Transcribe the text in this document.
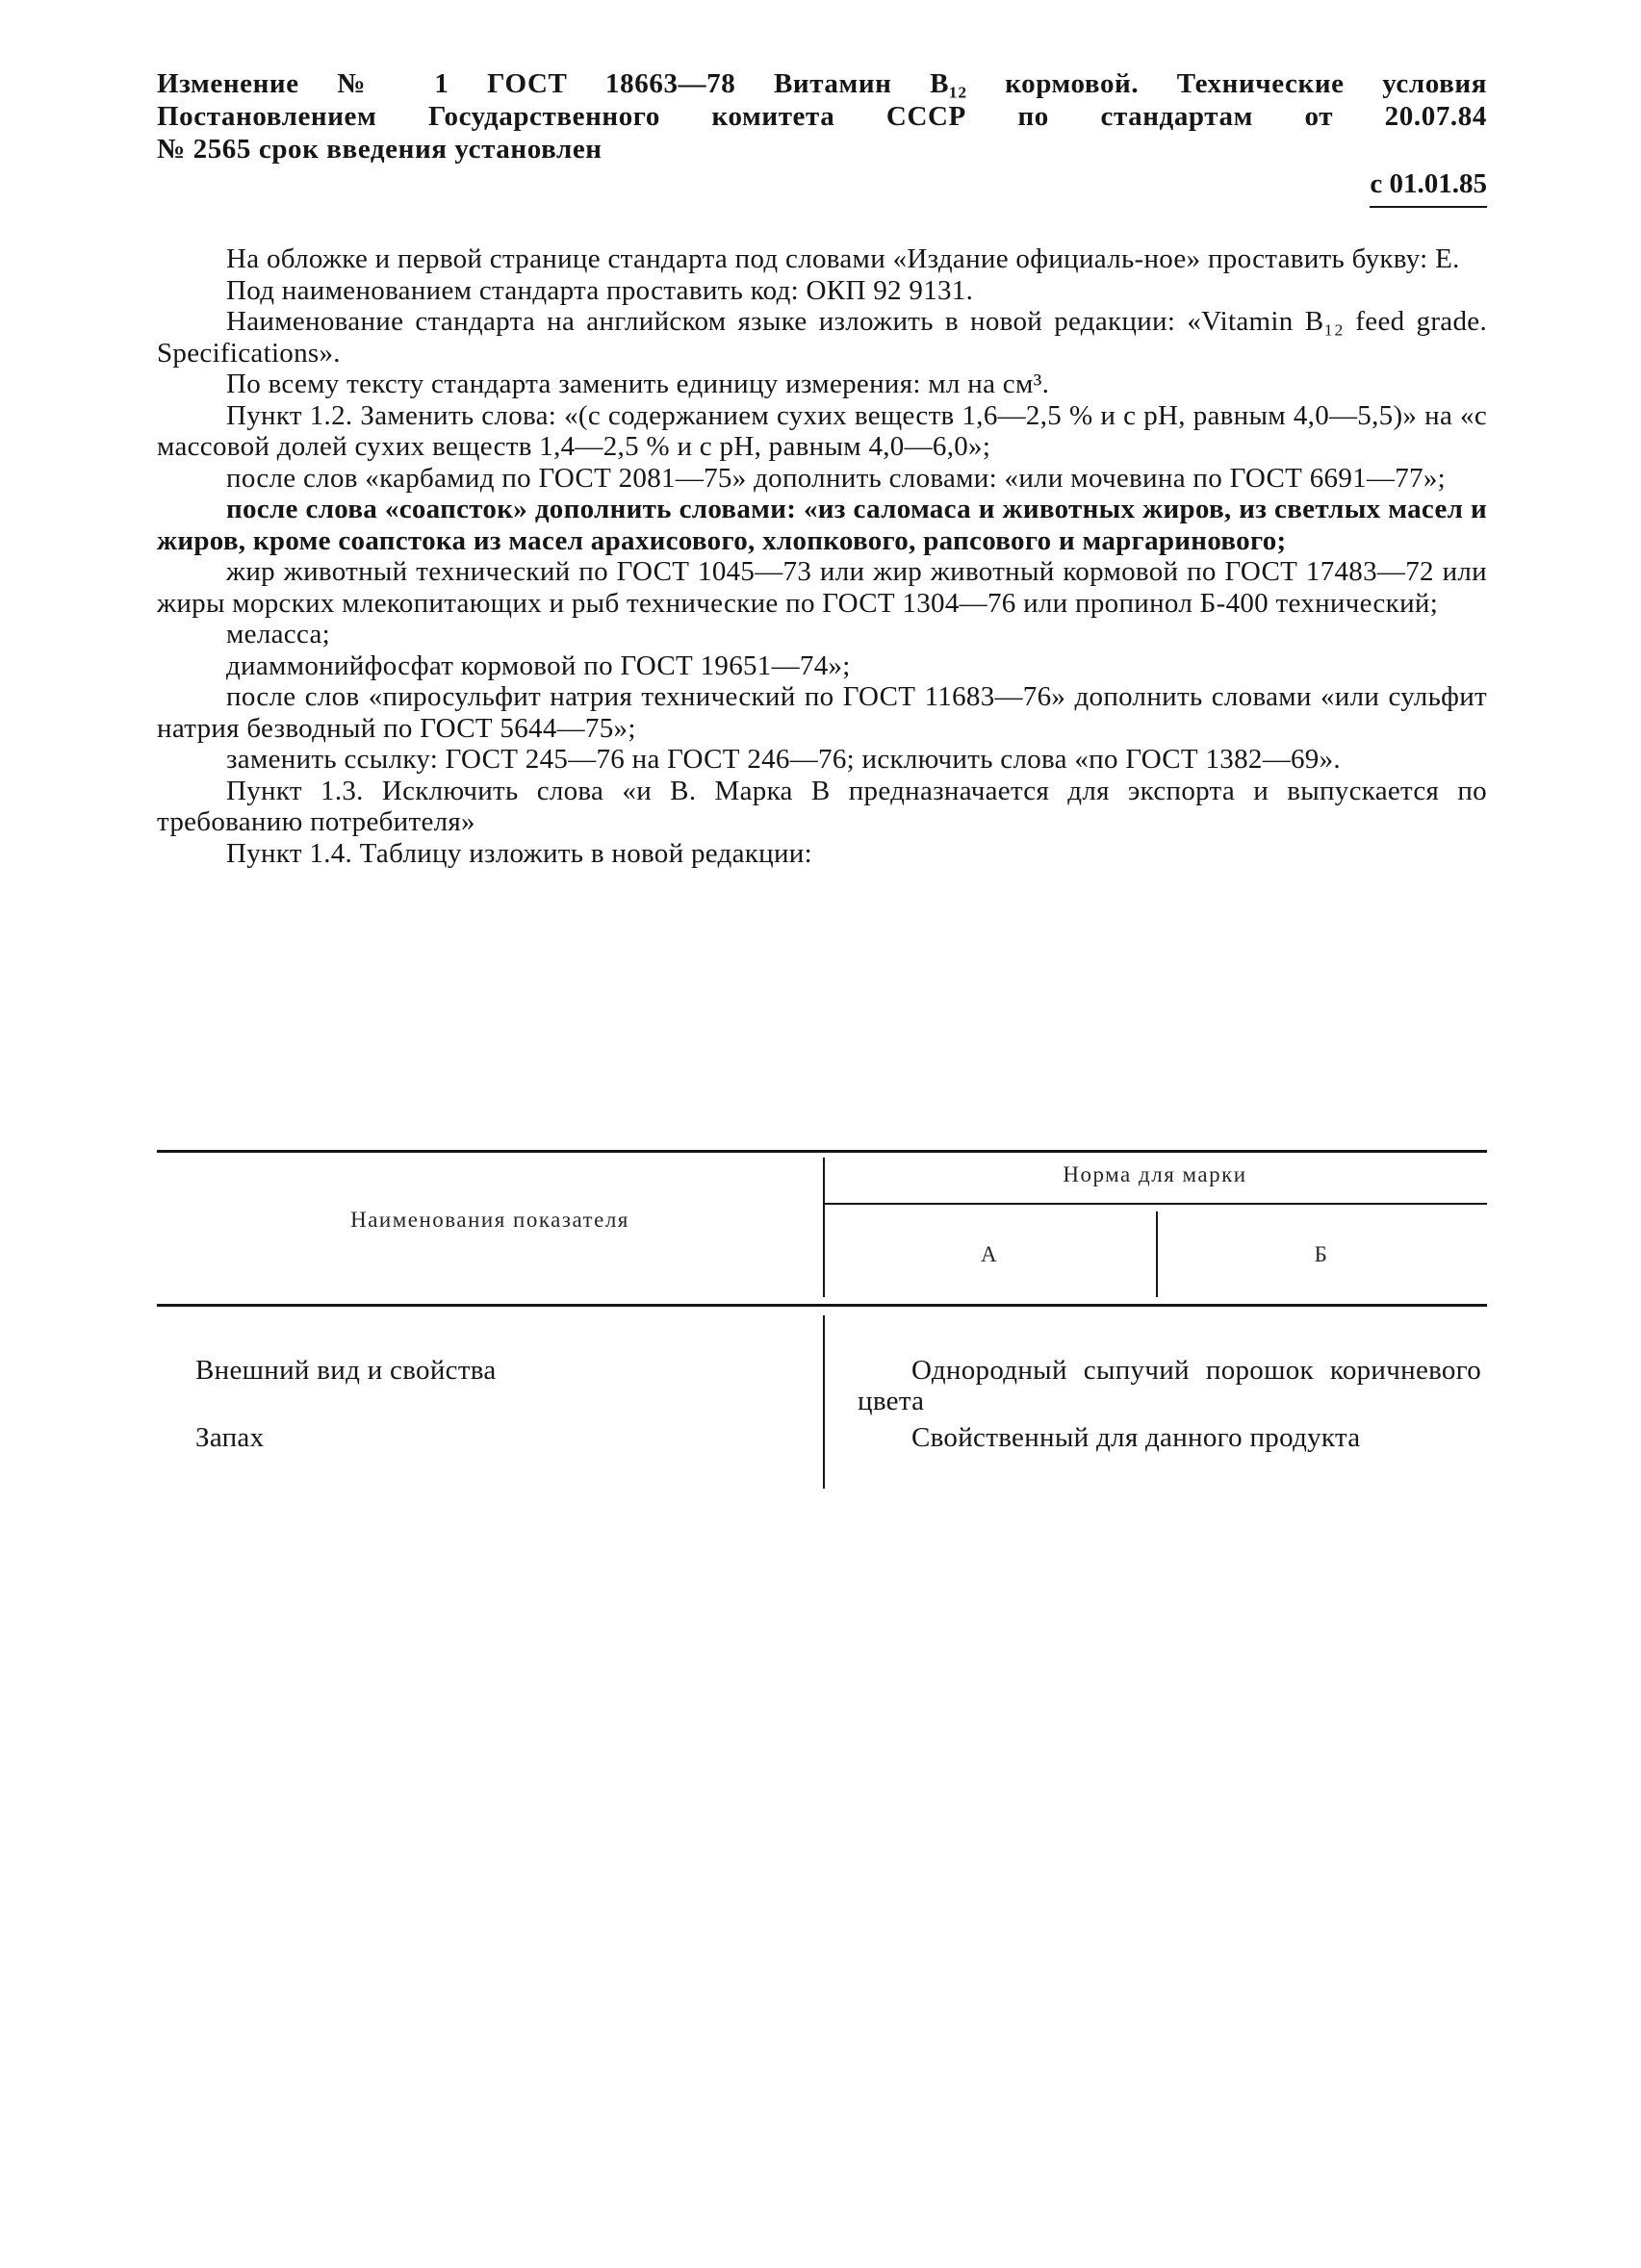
Изменение № 1 ГОСТ 18663—78 Витамин B₁₂ кормовой. Технические условия
Постановлением Государственного комитета СССР по стандартам от 20.07.84
№ 2565 срок введения установлен
с 01.01.85

На обложке и первой странице стандарта под словами «Издание официаль-ное» проставить букву: Е.

Под наименованием стандарта проставить код: ОКП 92 9131.

Наименование стандарта на английском языке изложить в новой редакции: «Vitamin B₁₂ feed grade. Specifications».

По всему тексту стандарта заменить единицу измерения: мл на см³.

Пункт 1.2. Заменить слова: «(с содержанием сухих веществ 1,6—2,5 % и с рН, равным 4,0—5,5)» на «с массовой долей сухих веществ 1,4—2,5 % и с рН, равным 4,0—6,0»;

после слов «карбамид по ГОСТ 2081—75» дополнить словами: «или мочевина по ГОСТ 6691—77»;

после слова «соапсток» дополнить словами: «из саломаса и животных жиров, из светлых масел и жиров, кроме соапстока из масел арахисового, хлопкового, рапсового и маргаринового;

жир животный технический по ГОСТ 1045—73 или жир животный кормовой по ГОСТ 17483—72 или жиры морских млекопитающих и рыб технические по ГОСТ 1304—76 или пропинол Б-400 технический;

меласса;

диаммонийфосфат кормовой по ГОСТ 19651—74»;

после слов «пиросульфит натрия технический по ГОСТ 11683—76» дополнить словами «или сульфит натрия безводный по ГОСТ 5644—75»;

заменить ссылку: ГОСТ 245—76 на ГОСТ 246—76; исключить слова «по ГОСТ 1382—69».

Пункт 1.3. Исключить слова «и В. Марка В предназначается для экспорта и выпускается по требованию потребителя»

Пункт 1.4. Таблицу изложить в новой редакции:

Наименования показателя
Норма для марки
А	Б
Внешний вид и свойства	Однородный сыпучий порошок коричневого цвета
Запах	Свойственный для данного продукта
